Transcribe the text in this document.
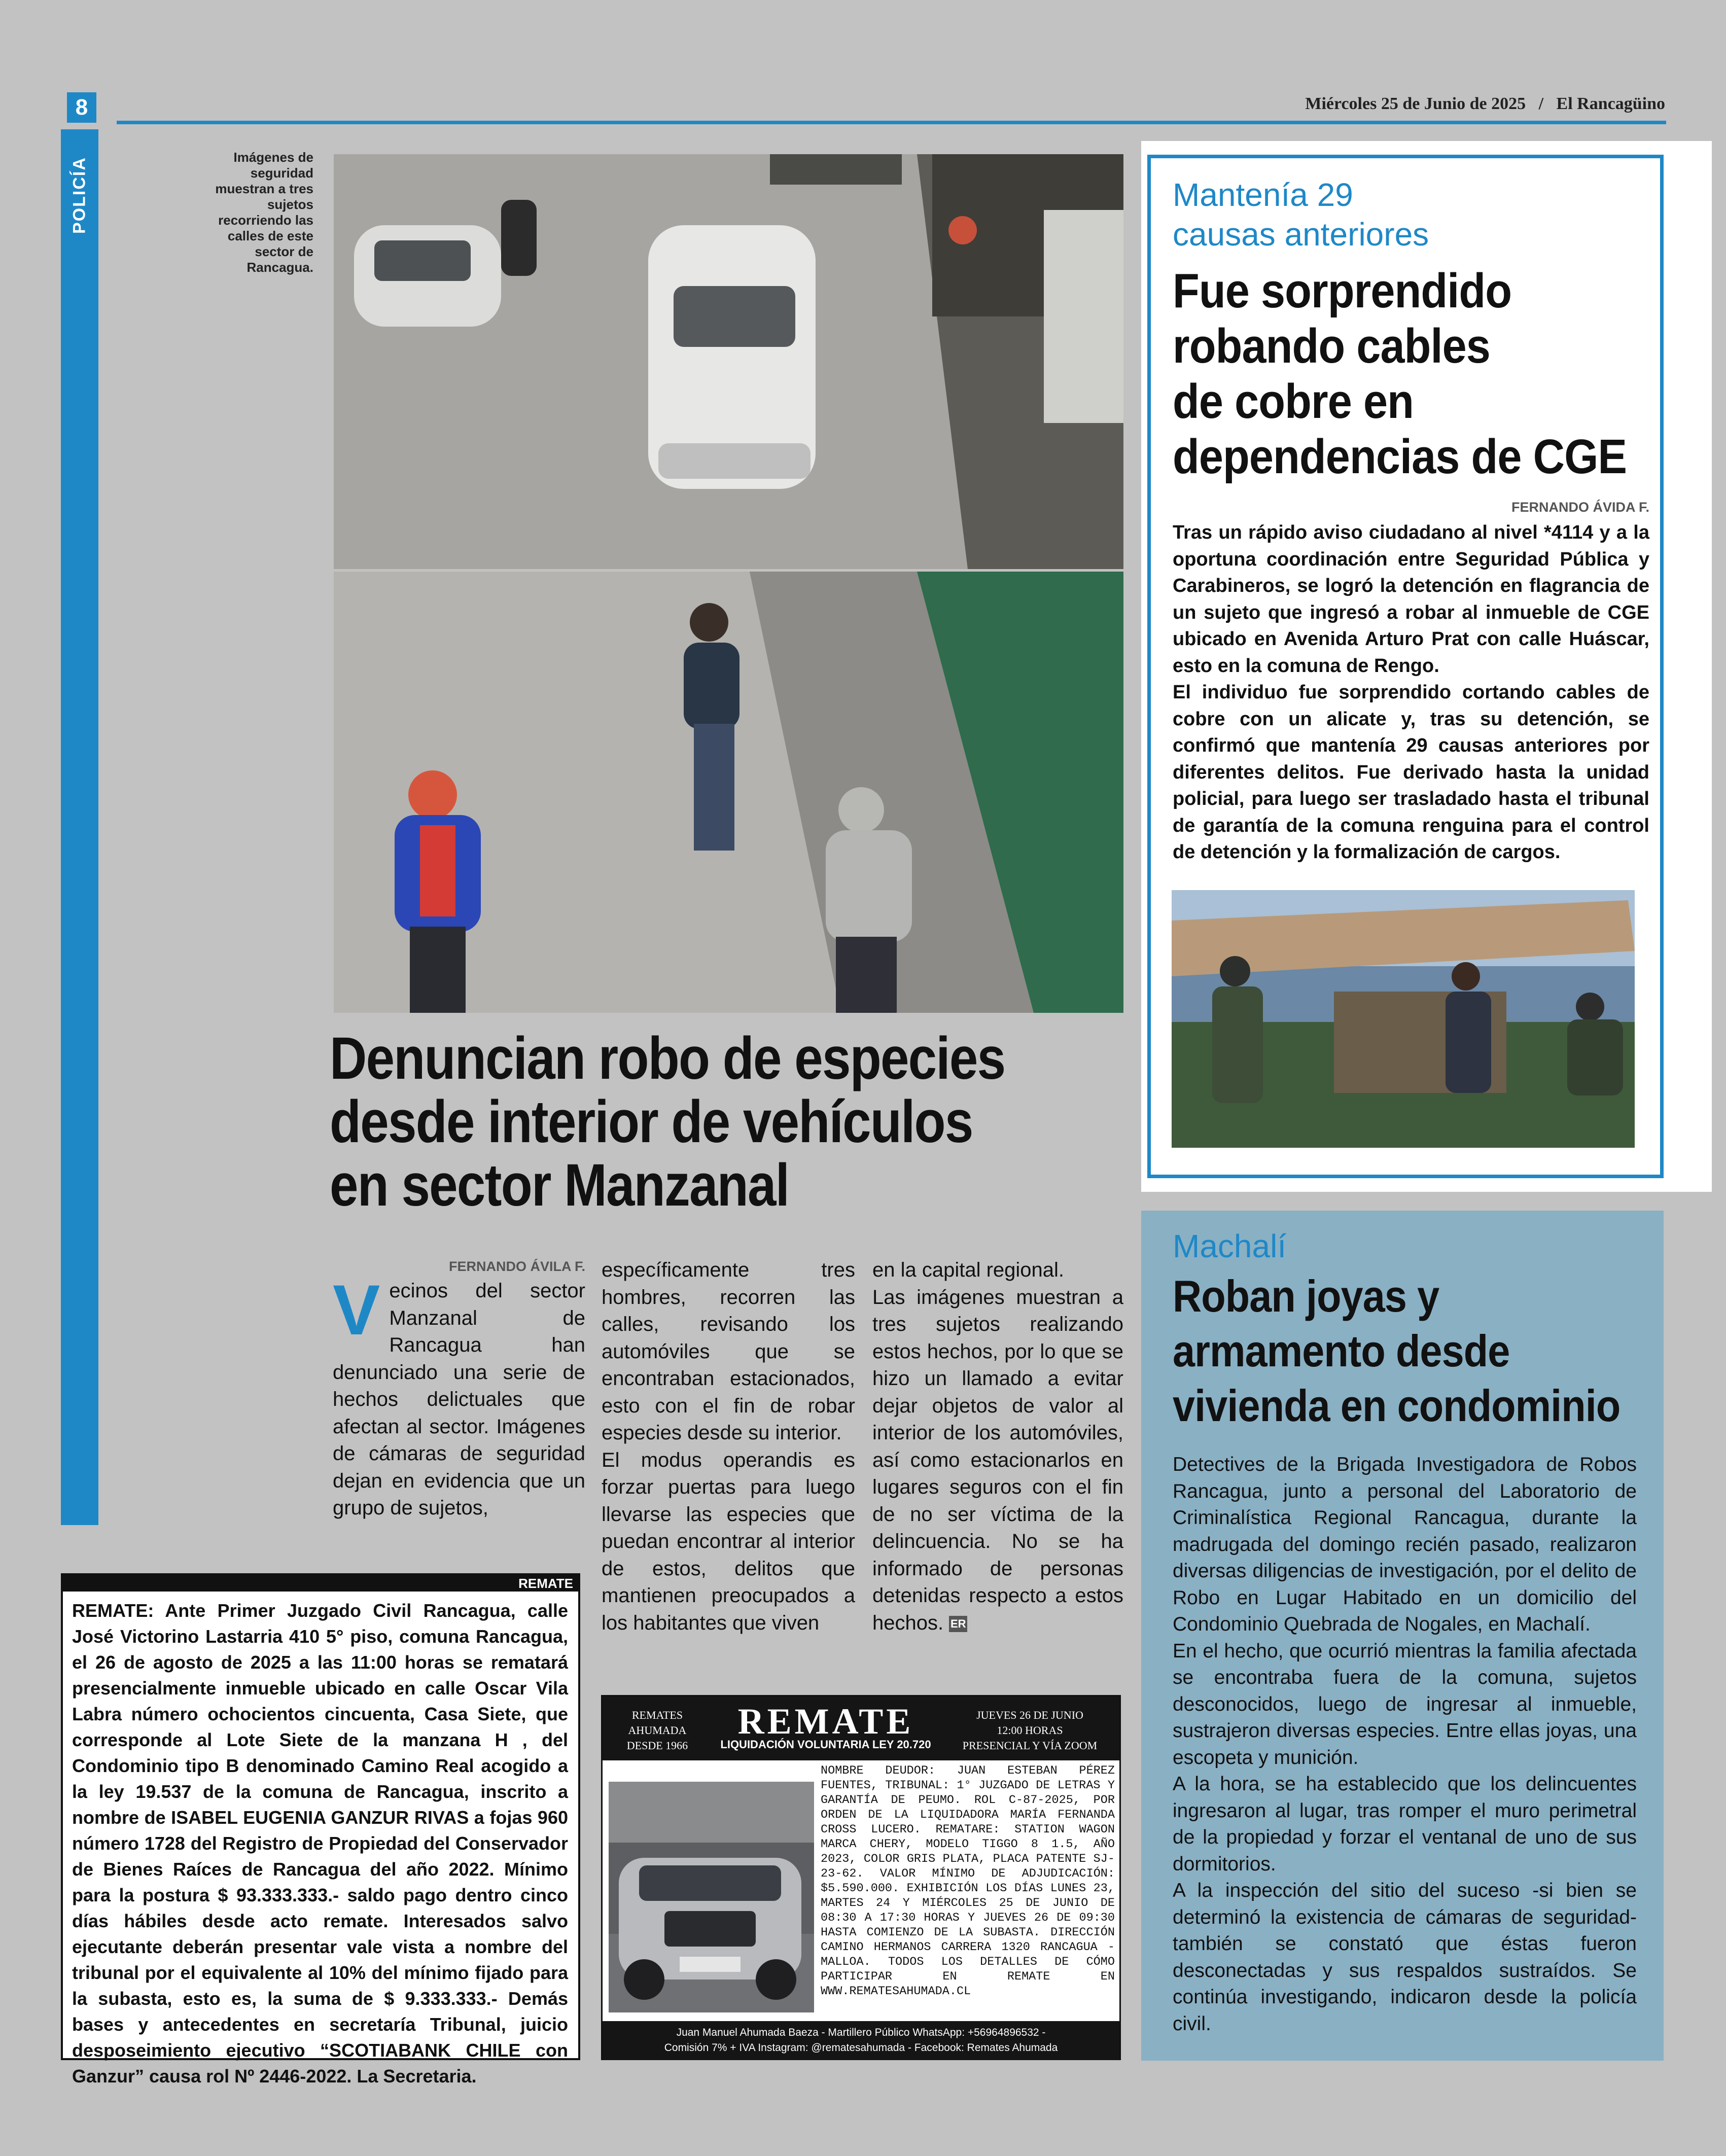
8
POLICÍA
Miércoles 25 de Junio de 2025 / El Rancagüino
Imágenes de seguridad muestran a tres sujetos recorriendo las calles de este sector de Rancagua.
Denuncian robo de especies
desde interior de vehículos
en sector Manzanal
FERNANDO ÁVILA F.
Vecinos del sector Manzanal de Rancagua han denunciado una serie de hechos delictuales que afectan al sector. Imágenes de cámaras de seguridad dejan en evidencia que un grupo de sujetos,
específicamente tres hombres, recorren las calles, revisando los automóviles que se encontraban estacionados, esto con el fin de robar especies desde su interior.
El modus operandis es forzar puertas para luego llevarse las especies que puedan encontrar al interior de estos, delitos que mantienen preocupados a los habitantes que viven
en la capital regional.
Las imágenes muestran a tres sujetos realizando estos hechos, por lo que se hizo un llamado a evitar dejar objetos de valor al interior de los automóviles, así como estacionarlos en lugares seguros con el fin de no ser víctima de la delincuencia. No se ha informado de personas detenidas respecto a estos hechos. ER
Mantenía 29
causas anteriores
Fue sorprendido
robando cables
de cobre en
dependencias de CGE
FERNANDO ÁVIDA F.

Tras un rápido aviso ciudadano al nivel *4114 y a la oportuna coordinación entre Seguridad Pública y Carabineros, se logró la detención en flagrancia de un sujeto que ingresó a robar al inmueble de CGE ubicado en Avenida Arturo Prat con calle Huáscar, esto en la comuna de Rengo.

El individuo fue sorprendido cortando cables de cobre con un alicate y, tras su detención, se confirmó que mantenía 29 causas anteriores por diferentes delitos. Fue derivado hasta la unidad policial, para luego ser trasladado hasta el tribunal de garantía de la comuna renguina para el control de detención y la formalización de cargos.

Machalí
Roban joyas y
armamento desde
vivienda en condominio

Detectives de la Brigada Investigadora de Robos Rancagua, junto a personal del Laboratorio de Criminalística Regional Rancagua, durante la madrugada del domingo recién pasado, realizaron diversas diligencias de investigación, por el delito de Robo en Lugar Habitado en un domicilio del Condominio Quebrada de Nogales, en Machalí.

En el hecho, que ocurrió mientras la familia afectada se encontraba fuera de la comuna, sujetos desconocidos, luego de ingresar al inmueble, sustrajeron diversas especies. Entre ellas joyas, una escopeta y munición.

A la hora, se ha establecido que los delincuentes ingresaron al lugar, tras romper el muro perimetral de la propiedad y forzar el ventanal de uno de sus dormitorios.

A la inspección del sitio del suceso -si bien se determinó la existencia de cámaras de seguridad- también se constató que éstas fueron desconectadas y sus respaldos sustraídos. Se continúa investigando, indicaron desde la policía civil.

REMATE
REMATE: Ante Primer Juzgado Civil Rancagua, calle José Victorino Lastarria 410 5° piso, comuna Rancagua, el 26 de agosto de 2025 a las 11:00 horas se rematará presencialmente inmueble ubicado en calle Oscar Vila Labra número ochocientos cincuenta, Casa Siete, que corresponde al Lote Siete de la manzana H , del Condominio tipo B denominado Camino Real acogido a la ley 19.537 de la comuna de Rancagua, inscrito a nombre de ISABEL EUGENIA GANZUR RIVAS a fojas 960 número 1728 del Registro de Propiedad del Conservador de Bienes Raíces de Rancagua del año 2022. Mínimo para la postura $ 93.333.333.- saldo pago dentro cinco días hábiles desde acto remate. Interesados salvo ejecutante deberán presentar vale vista a nombre del tribunal por el equivalente al 10% del mínimo fijado para la subasta, esto es, la suma de $ 9.333.333.- Demás bases y antecedentes en secretaría Tribunal, juicio desposeimiento ejecutivo “SCOTIABANK CHILE con Ganzur” causa rol Nº 2446-2022. La Secretaria.
REMATES
AHUMADA
DESDE 1966
REMATE
LIQUIDACIÓN VOLUNTARIA LEY 20.720
JUEVES 26 DE JUNIO
12:00 HORAS
PRESENCIAL Y VÍA ZOOM
NOMBRE DEUDOR: JUAN ESTEBAN PÉREZ FUENTES, TRIBUNAL: 1° JUZGADO DE LETRAS Y GARANTÍA DE PEUMO. ROL C-87-2025, POR ORDEN DE LA LIQUIDADORA MARÍA FERNANDA CROSS LUCERO. REMATARE: STATION WAGON MARCA CHERY, MODELO TIGGO 8 1.5, AÑO 2023, COLOR GRIS PLATA, PLACA PATENTE SJ-23-62. VALOR MÍNIMO DE ADJUDICACIÓN: $5.590.000. EXHIBICIÓN LOS DÍAS LUNES 23, MARTES 24 Y MIÉRCOLES 25 DE JUNIO DE 08:30 A 17:30 HORAS Y JUEVES 26 DE 09:30 HASTA COMIENZO DE LA SUBASTA. DIRECCIÓN CAMINO HERMANOS CARRERA 1320 RANCAGUA - MALLOA. TODOS LOS DETALLES DE CÓMO PARTICIPAR EN REMATE EN WWW.REMATESAHUMADA.CL
Juan Manuel Ahumada Baeza - Martillero Público WhatsApp: +56964896532 -
Comisión 7% + IVA Instagram: @rematesahumada - Facebook: Remates Ahumada
